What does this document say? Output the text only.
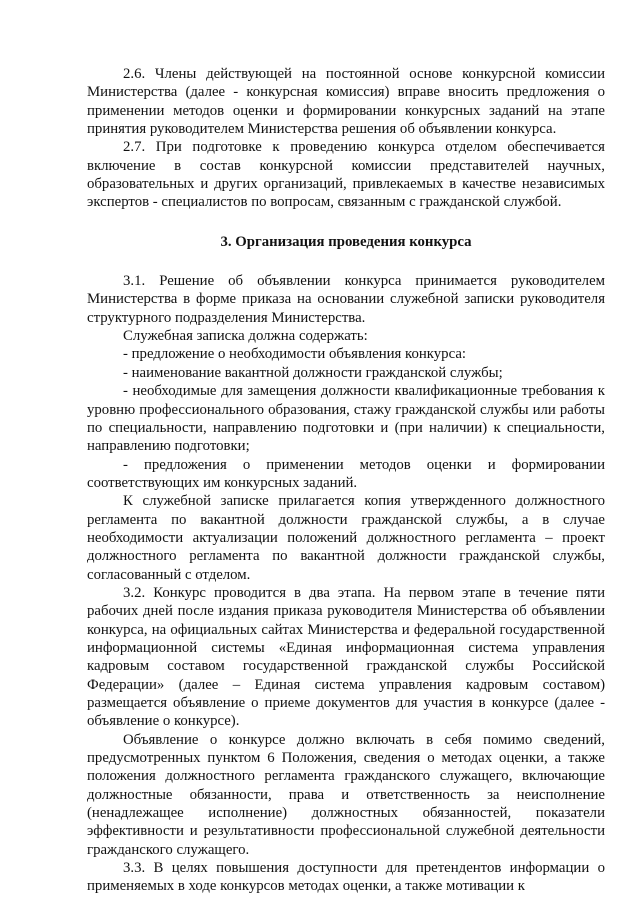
2.6. Члены действующей на постоянной основе конкурсной комиссии Министерства (далее - конкурсная комиссия) вправе вносить предложения о применении методов оценки и формировании конкурсных заданий на этапе принятия руководителем Министерства решения об объявлении конкурса.

2.7. При подготовке к проведению конкурса отделом обеспечивается включение в состав конкурсной комиссии представителей научных, образовательных и других организаций, привлекаемых в качестве независимых экспертов - специалистов по вопросам, связанным с гражданской службой.

3. Организация проведения конкурса

3.1. Решение об объявлении конкурса принимается руководителем Министерства в форме приказа на основании служебной записки руководителя структурного подразделения Министерства.

Служебная записка должна содержать:

- предложение о необходимости объявления конкурса:

- наименование вакантной должности гражданской службы;

- необходимые для замещения должности квалификационные требования к уровню профессионального образования, стажу гражданской службы или работы по специальности, направлению подготовки и (при наличии) к специальности, направлению подготовки;

- предложения о применении методов оценки и формировании соответствующих им конкурсных заданий.

К служебной записке прилагается копия утвержденного должностного регламента по вакантной должности гражданской службы, а в случае необходимости актуализации положений должностного регламента – проект должностного регламента по вакантной должности гражданской службы, согласованный с отделом.

3.2. Конкурс проводится в два этапа. На первом этапе в течение пяти рабочих дней после издания приказа руководителя Министерства об объявлении конкурса, на официальных сайтах Министерства и федеральной государственной информационной системы «Единая информационная система управления кадровым составом государственной гражданской службы Российской Федерации» (далее – Единая система управления кадровым составом) размещается объявление о приеме документов для участия в конкурсе (далее - объявление о конкурсе).

Объявление о конкурсе должно включать в себя помимо сведений, предусмотренных пунктом 6 Положения, сведения о методах оценки, а также положения должностного регламента гражданского служащего, включающие должностные обязанности, права и ответственность за неисполнение (ненадлежащее исполнение) должностных обязанностей, показатели эффективности и результативности профессиональной служебной деятельности гражданского служащего.

3.3. В целях повышения доступности для претендентов информации о применяемых в ходе конкурсов методах оценки, а также мотивации к
